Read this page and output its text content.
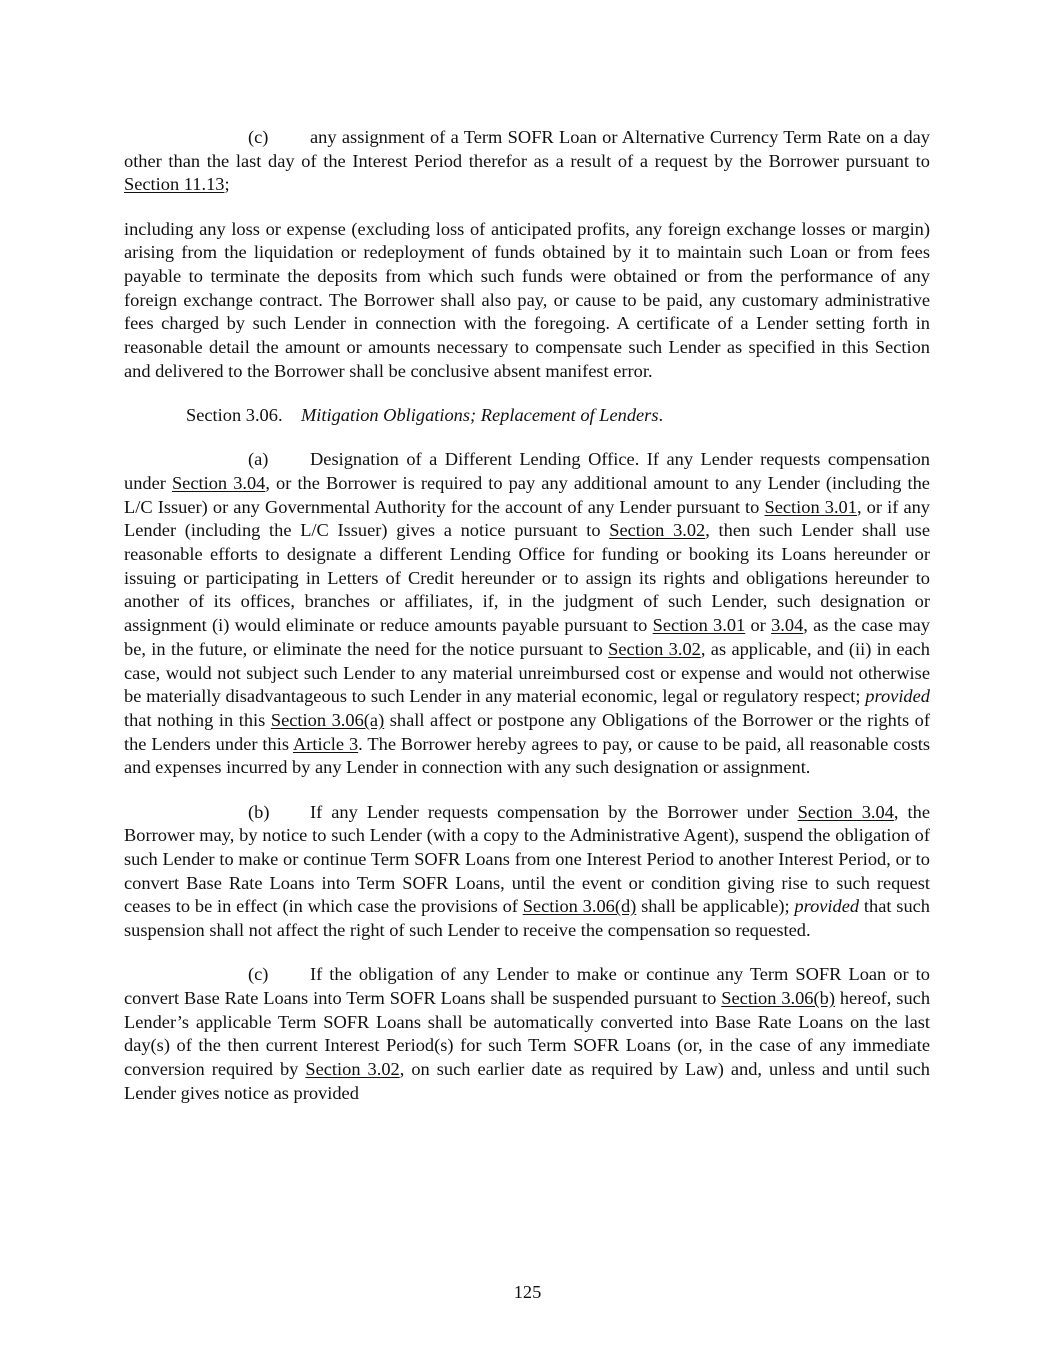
(c) any assignment of a Term SOFR Loan or Alternative Currency Term Rate on a day other than the last day of the Interest Period therefor as a result of a request by the Borrower pursuant to Section 11.13;

including any loss or expense (excluding loss of anticipated profits, any foreign exchange losses or margin) arising from the liquidation or redeployment of funds obtained by it to maintain such Loan or from fees payable to terminate the deposits from which such funds were obtained or from the performance of any foreign exchange contract. The Borrower shall also pay, or cause to be paid, any customary administrative fees charged by such Lender in connection with the foregoing. A certificate of a Lender setting forth in reasonable detail the amount or amounts necessary to compensate such Lender as specified in this Section and delivered to the Borrower shall be conclusive absent manifest error.

Section 3.06. Mitigation Obligations; Replacement of Lenders.

(a) Designation of a Different Lending Office. If any Lender requests compensation under Section 3.04, or the Borrower is required to pay any additional amount to any Lender (including the L/C Issuer) or any Governmental Authority for the account of any Lender pursuant to Section 3.01, or if any Lender (including the L/C Issuer) gives a notice pursuant to Section 3.02, then such Lender shall use reasonable efforts to designate a different Lending Office for funding or booking its Loans hereunder or issuing or participating in Letters of Credit hereunder or to assign its rights and obligations hereunder to another of its offices, branches or affiliates, if, in the judgment of such Lender, such designation or assignment (i) would eliminate or reduce amounts payable pursuant to Section 3.01 or 3.04, as the case may be, in the future, or eliminate the need for the notice pursuant to Section 3.02, as applicable, and (ii) in each case, would not subject such Lender to any material unreimbursed cost or expense and would not otherwise be materially disadvantageous to such Lender in any material economic, legal or regulatory respect; provided that nothing in this Section 3.06(a) shall affect or postpone any Obligations of the Borrower or the rights of the Lenders under this Article 3. The Borrower hereby agrees to pay, or cause to be paid, all reasonable costs and expenses incurred by any Lender in connection with any such designation or assignment.

(b) If any Lender requests compensation by the Borrower under Section 3.04, the Borrower may, by notice to such Lender (with a copy to the Administrative Agent), suspend the obligation of such Lender to make or continue Term SOFR Loans from one Interest Period to another Interest Period, or to convert Base Rate Loans into Term SOFR Loans, until the event or condition giving rise to such request ceases to be in effect (in which case the provisions of Section 3.06(d) shall be applicable); provided that such suspension shall not affect the right of such Lender to receive the compensation so requested.

(c) If the obligation of any Lender to make or continue any Term SOFR Loan or to convert Base Rate Loans into Term SOFR Loans shall be suspended pursuant to Section 3.06(b) hereof, such Lender’s applicable Term SOFR Loans shall be automatically converted into Base Rate Loans on the last day(s) of the then current Interest Period(s) for such Term SOFR Loans (or, in the case of any immediate conversion required by Section 3.02, on such earlier date as required by Law) and, unless and until such Lender gives notice as provided

125
